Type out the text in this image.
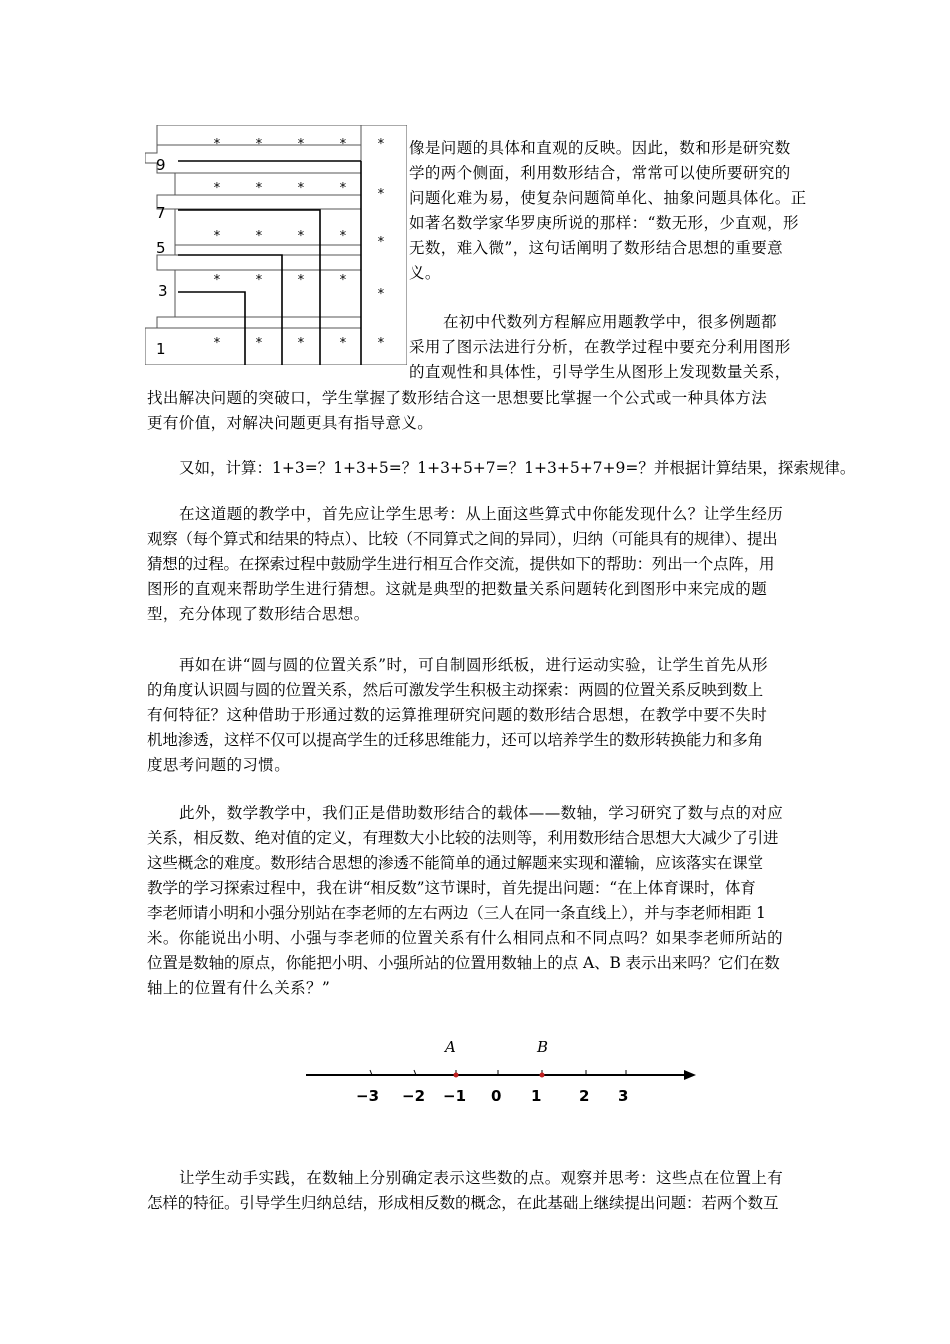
9
7
5
3
1
*	*	*	* *
*	*	*	* *
*	*	*	* *
*	*	*	*
*
*	*	*	* *
像是问题的具体和直观的反映。因此，数和形是研究数
学的两个侧面，利用数形结合，常常可以使所要研究的
问题化难为易，使复杂问题简单化、抽象问题具体化。正
如著名数学家华罗庚所说的那样：“数无形，少直观，形
无数，难入微”，这句话阐明了数形结合思想的重要意
义。
在初中代数列方程解应用题教学中，很多例题都
采用了图示法进行分析，在教学过程中要充分利用图形
的直观性和具体性，引导学生从图形上发现数量关系，
找出解决问题的突破口，学生掌握了数形结合这一思想要比掌握一个公式或一种具体方法
更有价值，对解决问题更具有指导意义。
又如，计算：1+3=？1+3+5=？1+3+5+7=？1+3+5+7+9=？并根据计算结果，探索规律。
在这道题的教学中，首先应让学生思考：从上面这些算式中你能发现什么？让学生经历
观察（每个算式和结果的特点）、比较（不同算式之间的异同），归纳（可能具有的规律）、提出
猜想的过程。在探索过程中鼓励学生进行相互合作交流，提供如下的帮助：列出一个点阵，用
图形的直观来帮助学生进行猜想。这就是典型的把数量关系问题转化到图形中来完成的题
型，充分体现了数形结合思想。
再如在讲“圆与圆的位置关系”时，可自制圆形纸板，进行运动实验，让学生首先从形
的角度认识圆与圆的位置关系，然后可激发学生积极主动探索：两圆的位置关系反映到数上
有何特征？这种借助于形通过数的运算推理研究问题的数形结合思想，在教学中要不失时
机地渗透，这样不仅可以提高学生的迁移思维能力，还可以培养学生的数形转换能力和多角
度思考问题的习惯。
此外，数学教学中，我们正是借助数形结合的载体——数轴，学习研究了数与点的对应
关系，相反数、绝对值的定义，有理数大小比较的法则等，利用数形结合思想大大减少了引进
这些概念的难度。数形结合思想的渗透不能简单的通过解题来实现和灌输，应该落实在课堂
教学的学习探索过程中，我在讲“相反数”这节课时，首先提出问题：“在上体育课时，体育
李老师请小明和小强分别站在李老师的左右两边（三人在同一条直线上），并与李老师相距 1
米。你能说出小明、小强与李老师的位置关系有什么相同点和不同点吗？如果李老师所站的
位置是数轴的原点，你能把小明、小强所站的位置用数轴上的点 A、B 表示出来吗？它们在数
轴上的位置有什么关系？”
A	B
−3 −2 −1 0 1	2 3
让学生动手实践，在数轴上分别确定表示这些数的点。观察并思考：这些点在位置上有
怎样的特征。引导学生归纳总结，形成相反数的概念，在此基础上继续提出问题：若两个数互
